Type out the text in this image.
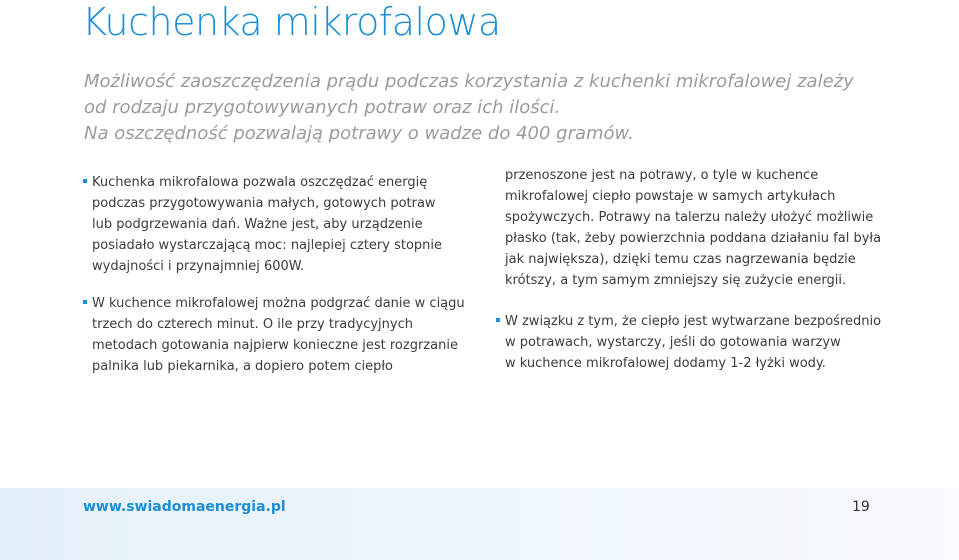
Kuchenka mikrofalowa
Możliwość zaoszczędzenia prądu podczas korzystania z kuchenki mikrofalowej zależy
od rodzaju przygotowywanych potraw oraz ich ilości.
Na oszczędność pozwalają potrawy o wadze do 400 gramów.
Kuchenka mikrofalowa pozwala oszczędzać energię
podczas przygotowywania małych, gotowych potraw
lub podgrzewania dań. Ważne jest, aby urządzenie
posiadało wystarczającą moc: najlepiej cztery stopnie
wydajności i przynajmniej 600W.
W kuchence mikrofalowej można podgrzać danie w ciągu
trzech do czterech minut. O ile przy tradycyjnych
metodach gotowania najpierw konieczne jest rozgrzanie
palnika lub piekarnika, a dopiero potem ciepło
przenoszone jest na potrawy, o tyle w kuchence
mikrofalowej ciepło powstaje w samych artykułach
spożywczych. Potrawy na talerzu należy ułożyć możliwie
płasko (tak, żeby powierzchnia poddana działaniu fal była
jak największa), dzięki temu czas nagrzewania będzie
krótszy, a tym samym zmniejszy się zużycie energii.
W związku z tym, że ciepło jest wytwarzane bezpośrednio
w potrawach, wystarczy, jeśli do gotowania warzyw
w kuchence mikrofalowej dodamy 1-2 łyżki wody.
www.swiadomaenergia.pl	19
